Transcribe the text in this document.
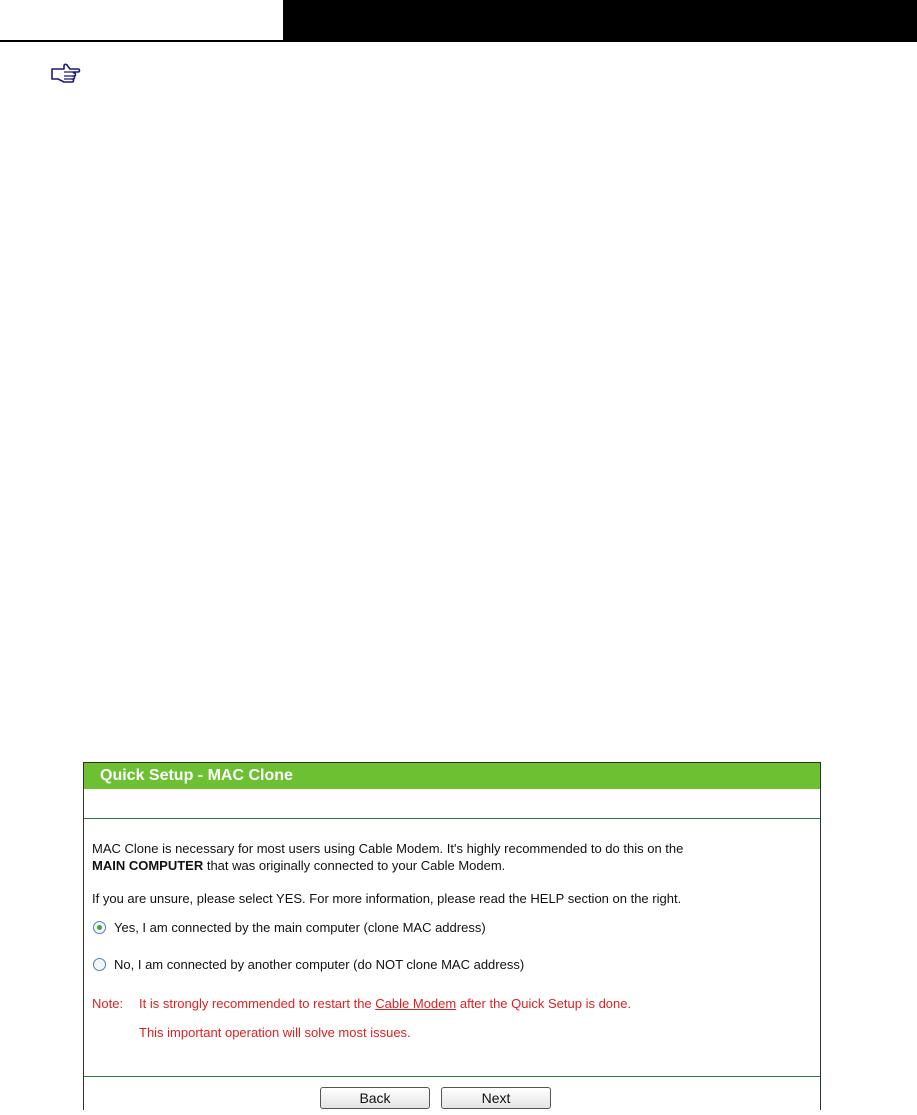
Quick Setup - MAC Clone
MAC Clone is necessary for most users using Cable Modem. It's highly recommended to do this on the
MAIN COMPUTER that was originally connected to your Cable Modem.
If you are unsure, please select YES. For more information, please read the HELP section on the right.
Yes, I am connected by the main computer (clone MAC address)
No, I am connected by another computer (do NOT clone MAC address)
Note: It is strongly recommended to restart the Cable Modem after the Quick Setup is done.
This important operation will solve most issues.
Back	Next
